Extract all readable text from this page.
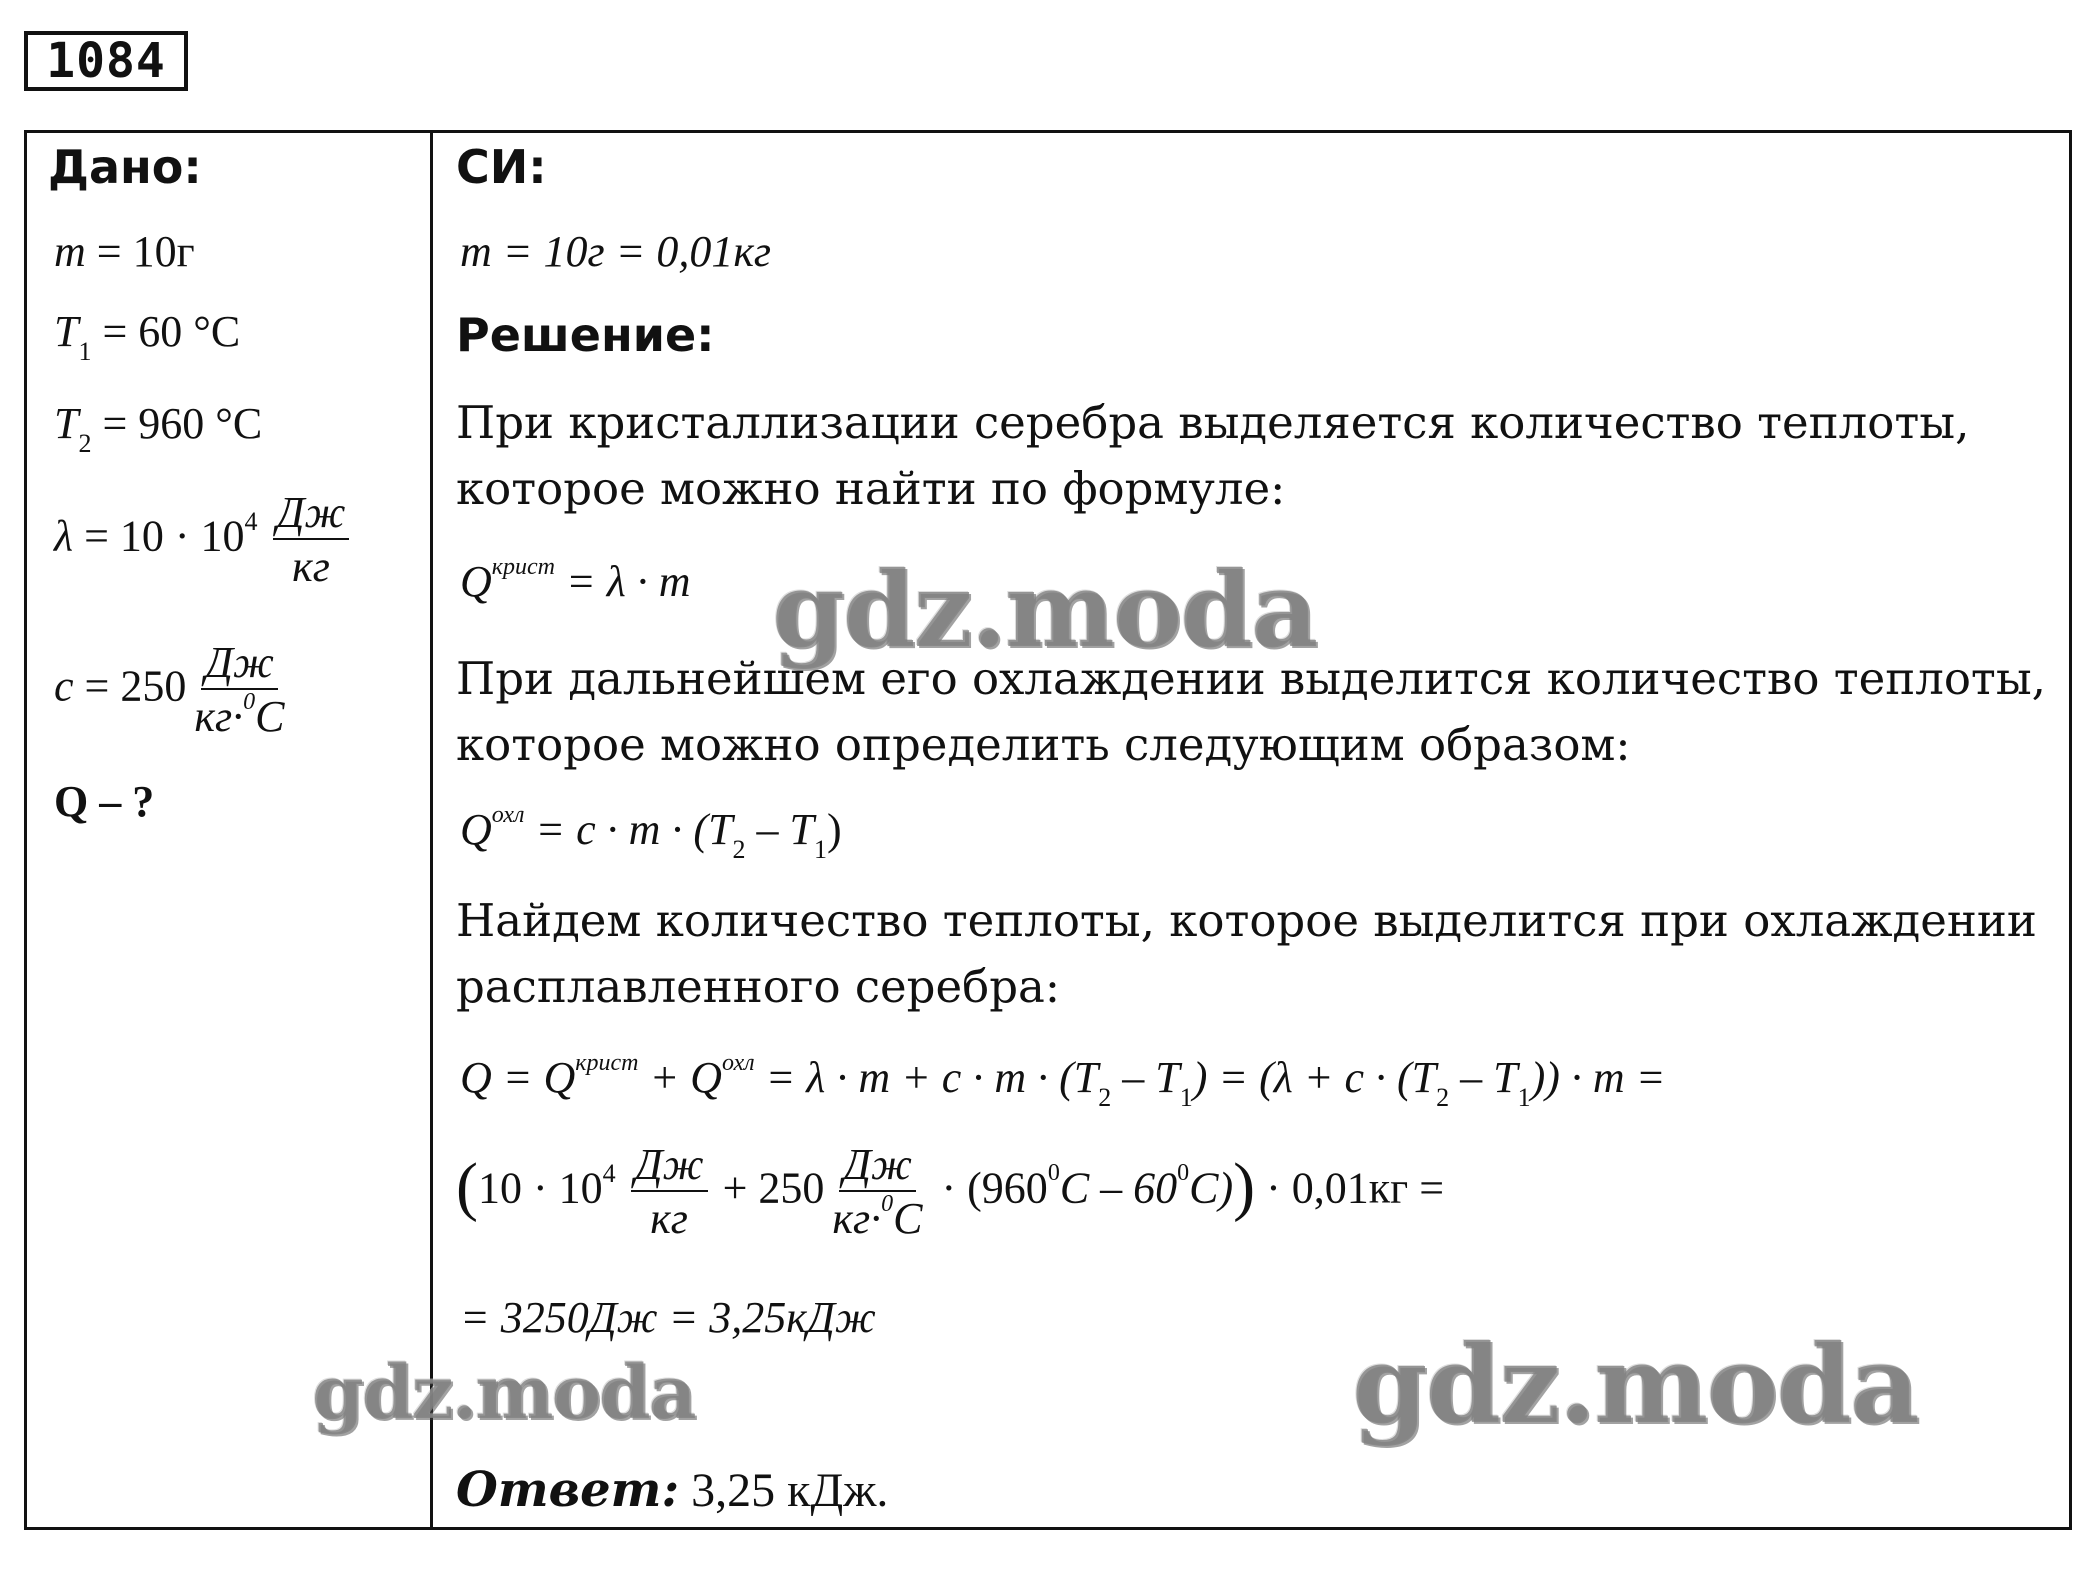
1084
Дано:
m = 10г
$T_1 = 60$ °C
$T_2 = 960$ °C
$\lambda = 10 \cdot 10^4 \frac{Дж}{кг}$
$c = 250 \frac{Дж}{кг\cdot^0C}$
Q – ?
СИ:
m = 10г = 0,01кг
Решение:
При кристаллизации серебра выделяется количество теплоты, которое можно найти по формуле:
$Q^{крист} = \lambda \cdot m$
При дальнейшем его охлаждении выделится количество теплоты, которое можно определить следующим образом:
$Q^{охл} = c \cdot m \cdot (T_2 - T_1)$
Найдем количество теплоты, которое выделится при охлаждении расплавленного серебра:
$Q = Q^{крист} + Q^{охл} = \lambda \cdot m + c \cdot m \cdot (T_2 - T_1) = (\lambda + c \cdot (T_2 - T_1)) \cdot m$ =
$(10 \cdot 10^4 \frac{Дж}{кг} + 250 \frac{Дж}{кг\cdot^0C} \cdot (960^0C - 60^0C)) \cdot 0,01кг$ =
= 3250Дж = 3,25кДж
Ответ: 3,25 кДж.
gdz.moda
gdz.moda	gdz.moda
